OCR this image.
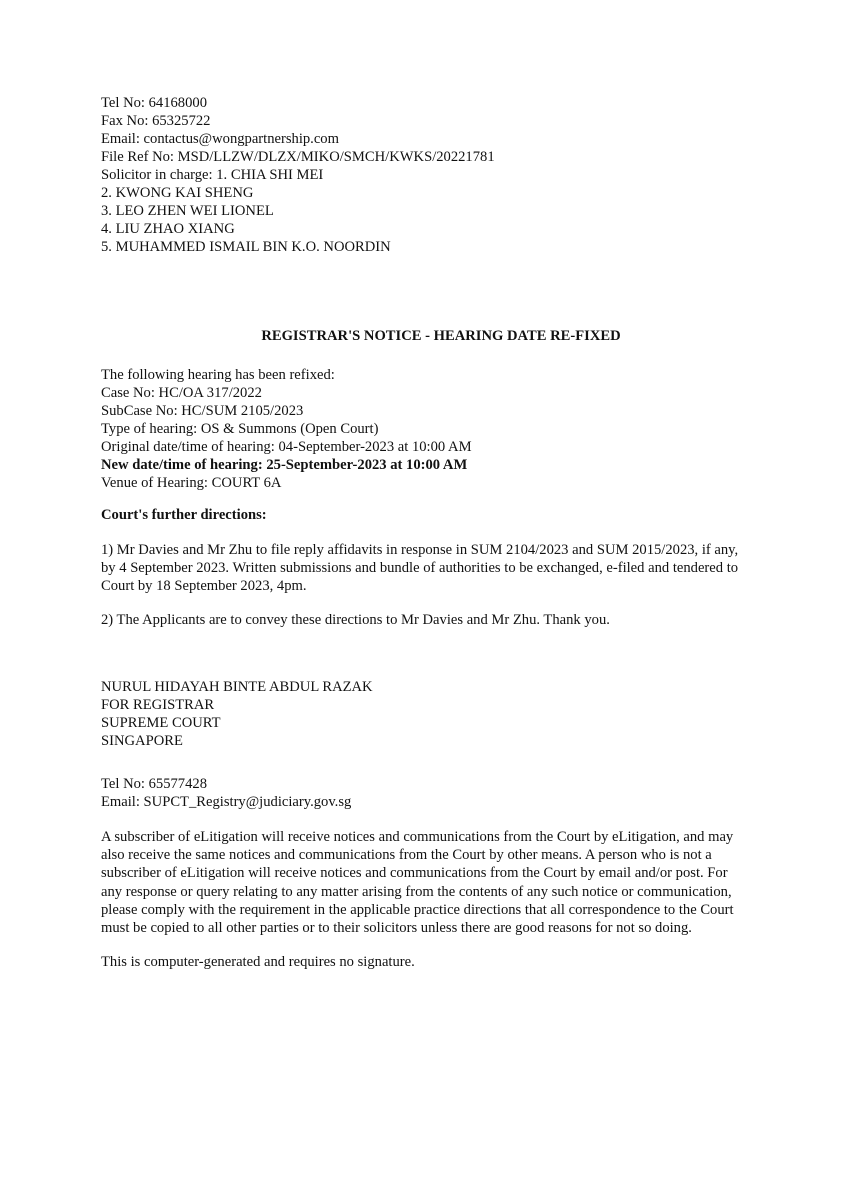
Tel No: 64168000
Fax No: 65325722
Email: contactus@wongpartnership.com
File Ref No: MSD/LLZW/DLZX/MIKO/SMCH/KWKS/20221781
Solicitor in charge: 1. CHIA SHI MEI
2. KWONG KAI SHENG
3. LEO ZHEN WEI LIONEL
4. LIU ZHAO XIANG
5. MUHAMMED ISMAIL BIN K.O. NOORDIN
REGISTRAR'S NOTICE - HEARING DATE RE-FIXED
The following hearing has been refixed:
Case No: HC/OA 317/2022
SubCase No: HC/SUM 2105/2023
Type of hearing: OS & Summons (Open Court)
Original date/time of hearing: 04-September-2023 at 10:00 AM
New date/time of hearing: 25-September-2023 at 10:00 AM
Venue of Hearing: COURT 6A
Court's further directions:
1) Mr Davies and Mr Zhu to file reply affidavits in response in SUM 2104/2023 and SUM 2015/2023, if any, by 4 September 2023. Written submissions and bundle of authorities to be exchanged, e-filed and tendered to Court by 18 September 2023, 4pm.
2) The Applicants are to convey these directions to Mr Davies and Mr Zhu. Thank you.
NURUL HIDAYAH BINTE ABDUL RAZAK
FOR REGISTRAR
SUPREME COURT
SINGAPORE
Tel No: 65577428
Email: SUPCT_Registry@judiciary.gov.sg
A subscriber of eLitigation will receive notices and communications from the Court by eLitigation, and may also receive the same notices and communications from the Court by other means. A person who is not a subscriber of eLitigation will receive notices and communications from the Court by email and/or post. For any response or query relating to any matter arising from the contents of any such notice or communication, please comply with the requirement in the applicable practice directions that all correspondence to the Court must be copied to all other parties or to their solicitors unless there are good reasons for not so doing.
This is computer-generated and requires no signature.
